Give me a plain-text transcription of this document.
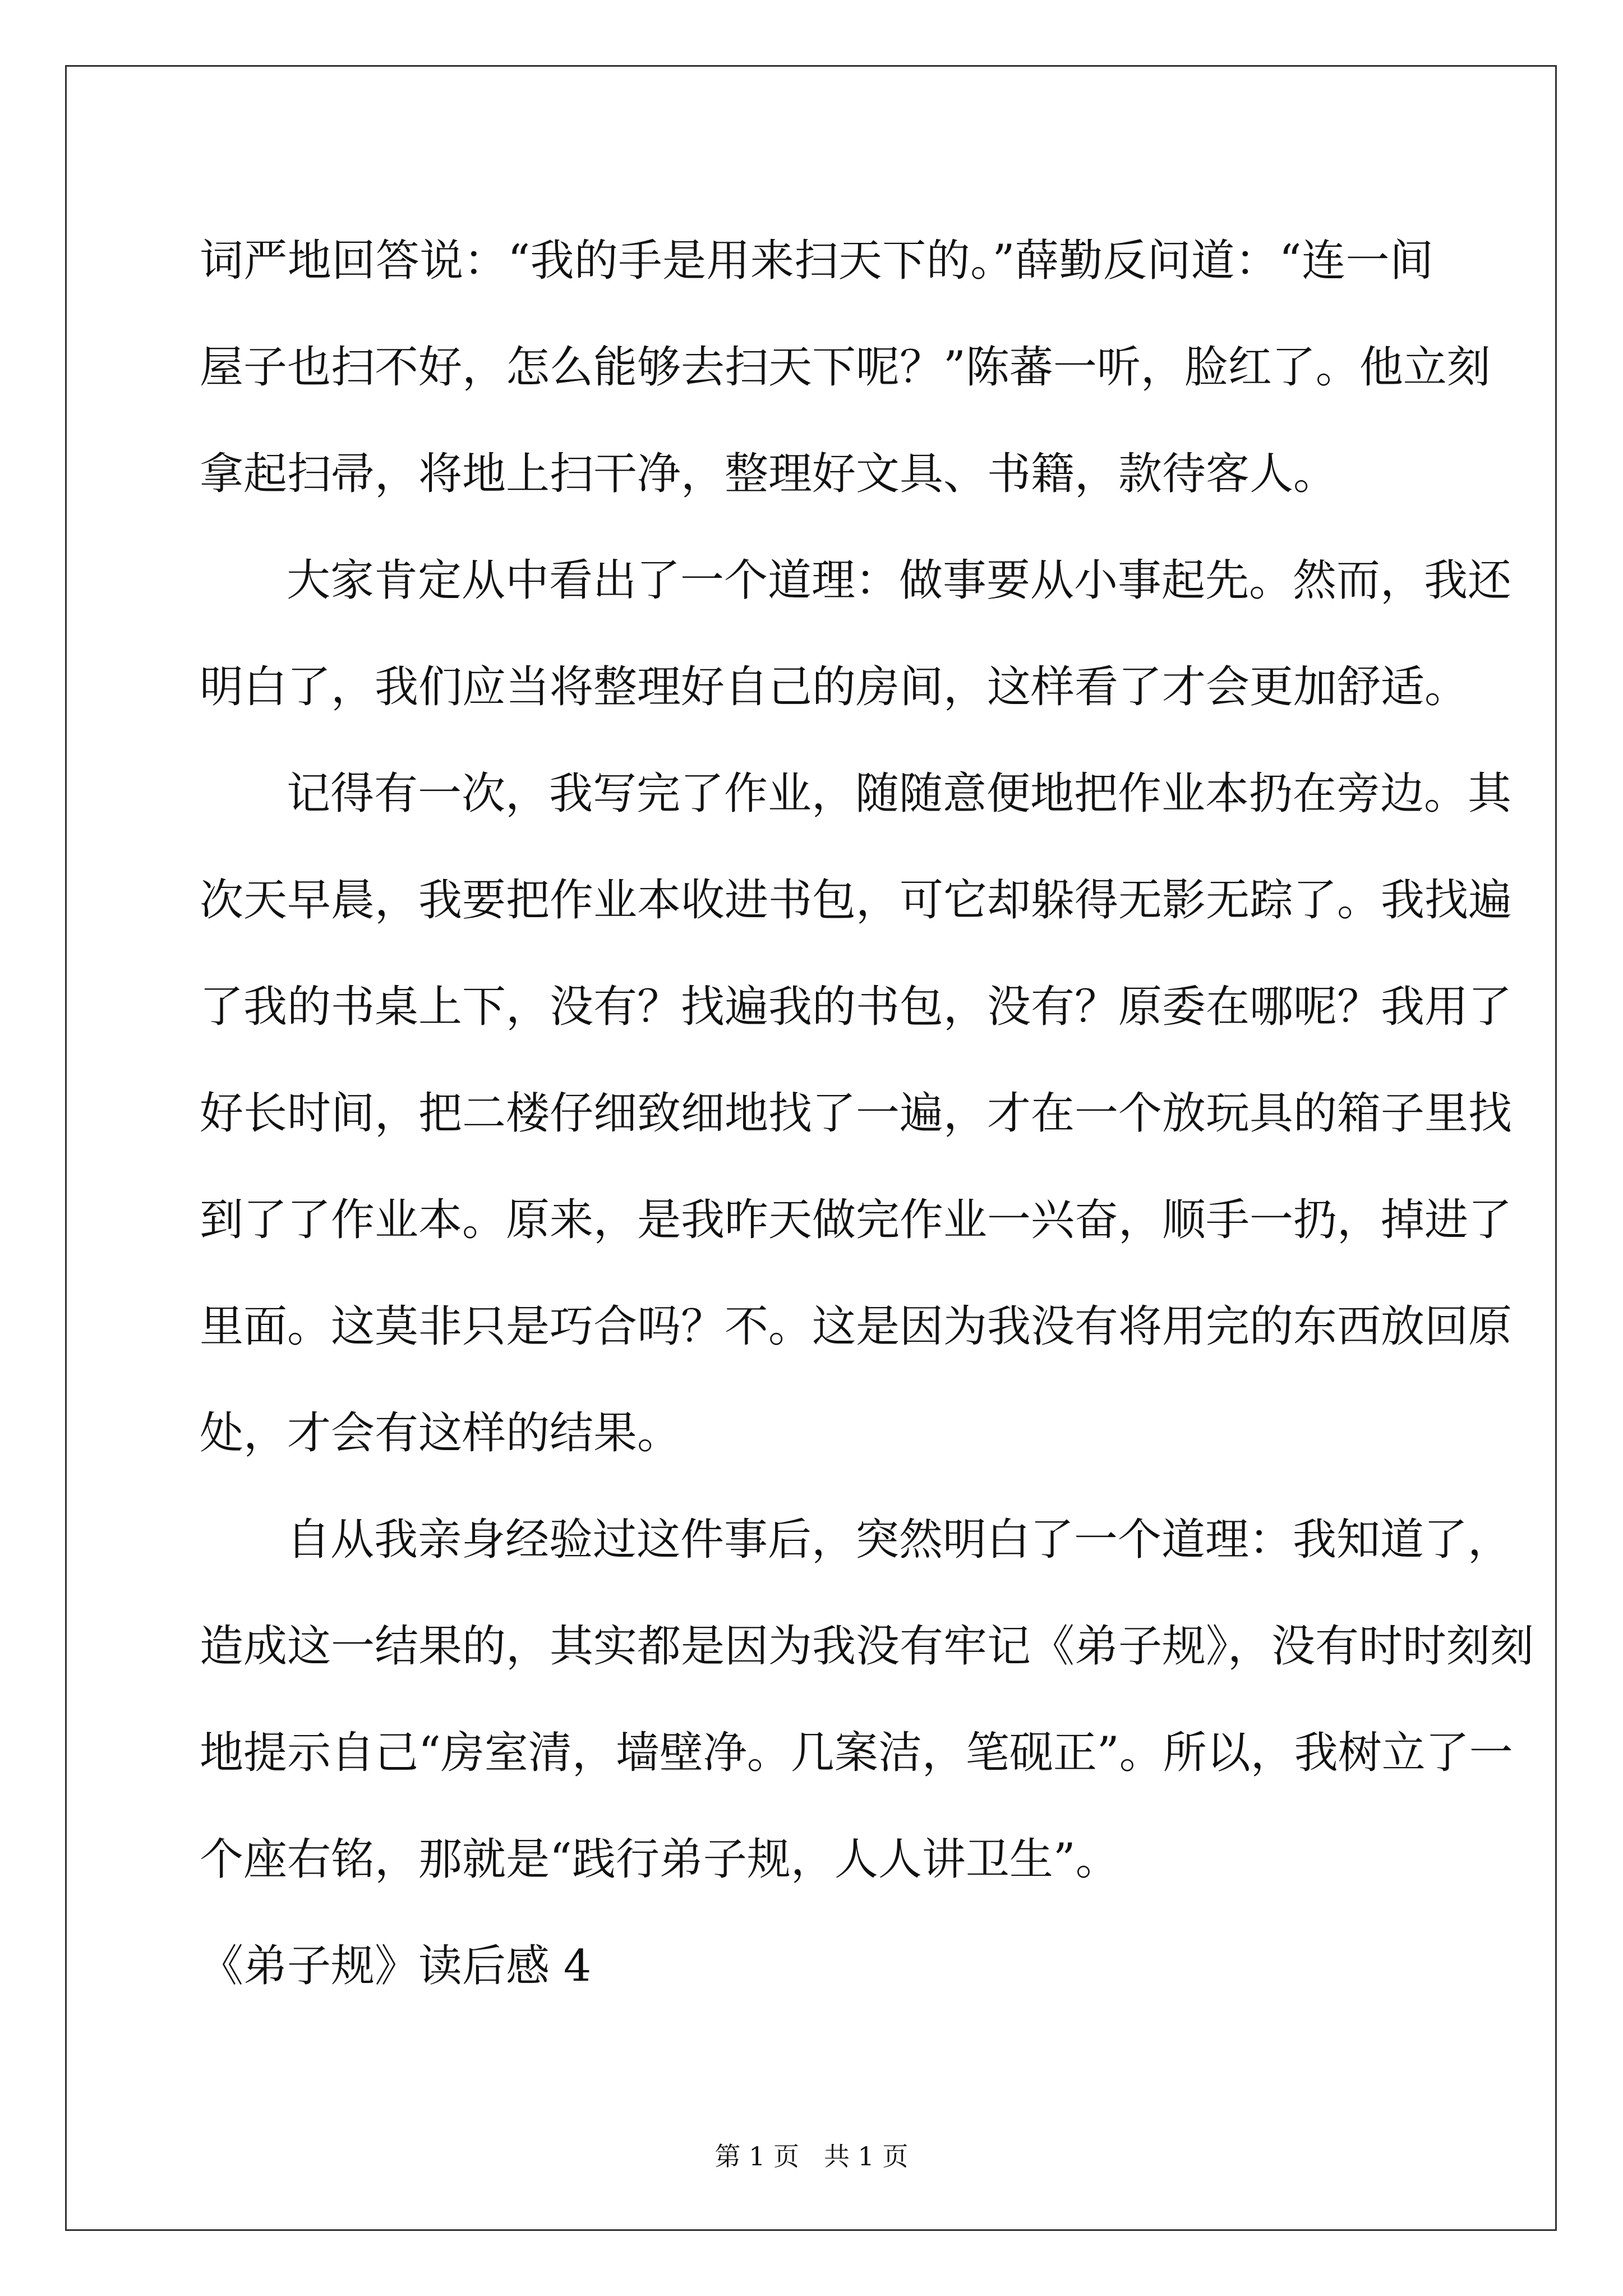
词严地回答说：“我的手是用来扫天下的。”薛勤反问道：“连一间
屋子也扫不好，怎么能够去扫天下呢？”陈蕃一听，脸红了。他立刻
拿起扫帚，将地上扫干净，整理好文具、书籍，款待客人。
大家肯定从中看出了一个道理：做事要从小事起先。然而，我还
明白了，我们应当将整理好自己的房间，这样看了才会更加舒适。
记得有一次，我写完了作业，随随意便地把作业本扔在旁边。其
次天早晨，我要把作业本收进书包，可它却躲得无影无踪了。我找遍
了我的书桌上下，没有？找遍我的书包，没有？原委在哪呢？我用了
好长时间，把二楼仔细致细地找了一遍，才在一个放玩具的箱子里找
到了了作业本。原来，是我昨天做完作业一兴奋，顺手一扔，掉进了
里面。这莫非只是巧合吗？不。这是因为我没有将用完的东西放回原
处，才会有这样的结果。
自从我亲身经验过这件事后，突然明白了一个道理：我知道了，
造成这一结果的，其实都是因为我没有牢记《弟子规》，没有时时刻刻
地提示自己“房室清，墙壁净。几案洁，笔砚正”。所以，我树立了一
个座右铭，那就是“践行弟子规，人人讲卫生”。
《弟子规》读后感 4
第 1 页 共 1 页
